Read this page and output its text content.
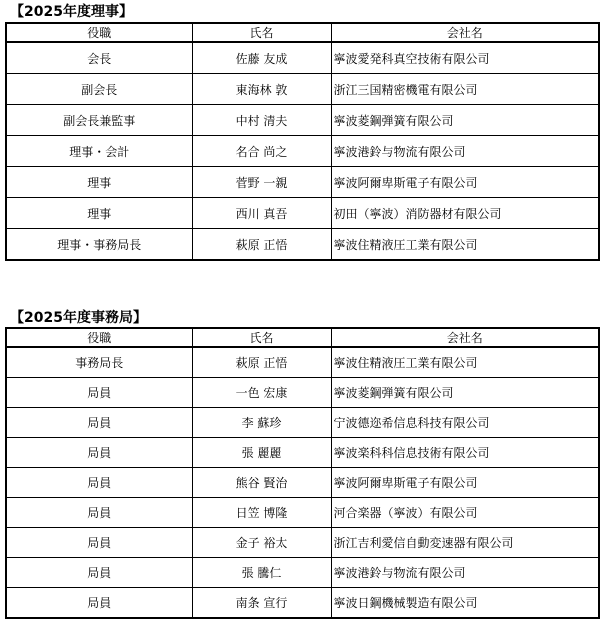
【2025年度理事】
役職	氏名	会社名
会長	佐藤 友成	寧波愛発科真空技術有限公司
副会長	東海林 敦	浙江三国精密機電有限公司
副会長兼監事	中村 清夫	寧波菱鋼弾簧有限公司
理事・会計	名合 尚之	寧波港鈴与物流有限公司
理事	菅野 一親	寧波阿爾卑斯電子有限公司
理事	西川 真吾	初田（寧波）消防器材有限公司
理事・事務局長	萩原 正悟	寧波住精液圧工業有限公司
【2025年度事務局】
役職	氏名	会社名
事務局長	萩原 正悟	寧波住精液圧工業有限公司
局員	一色 宏康	寧波菱鋼弾簧有限公司
局員	李 蘇珍	宁波德迩希信息科技有限公司
局員	張 麗麗	寧波楽科科信息技術有限公司
局員	熊谷 賢治	寧波阿爾卑斯電子有限公司
局員	日笠 博隆	河合楽器（寧波）有限公司
局員	金子 裕太	浙江吉利愛信自動変速器有限公司
局員	張 騰仁	寧波港鈴与物流有限公司
局員	南条 宣行	寧波日鋼機械製造有限公司
